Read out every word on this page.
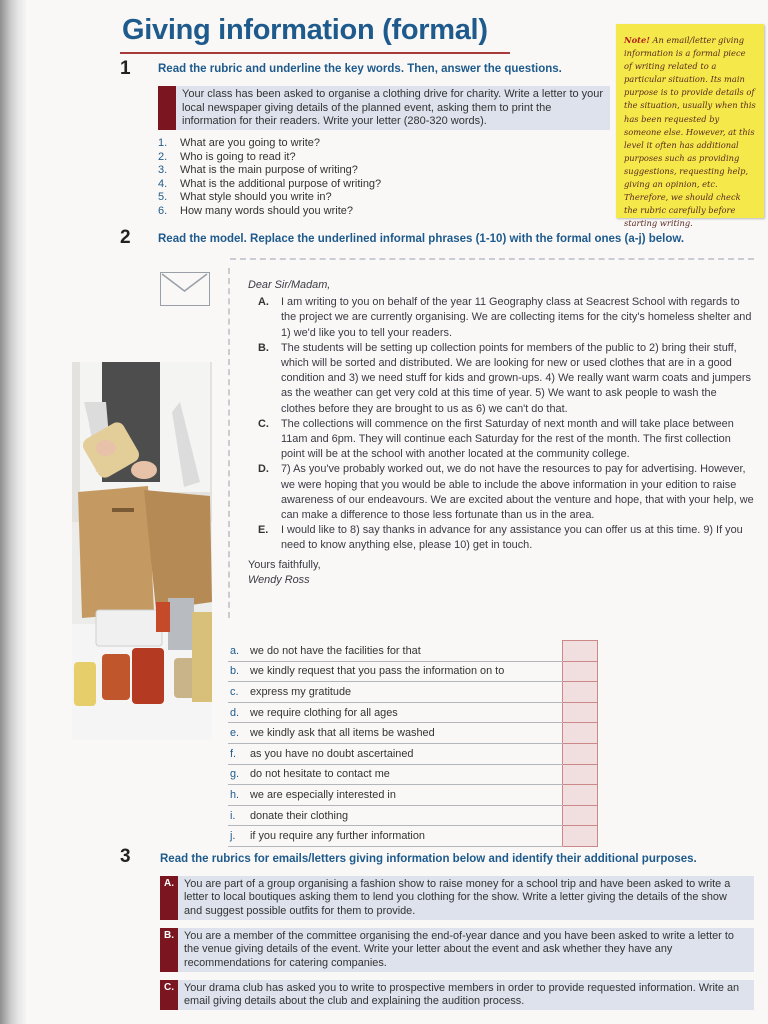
Giving information (formal)
1 Read the rubric and underline the key words. Then, answer the questions.
Your class has been asked to organise a clothing drive for charity. Write a letter to your local newspaper giving details of the planned event, asking them to print the information for their readers. Write your letter (280-320 words).
1.	What are you going to write?
2.	Who is going to read it?
3.	What is the main purpose of writing?
4.	What is the additional purpose of writing?
5.	What style should you write in?
6.	How many words should you write?
Note! An email/letter giving information is a formal piece of writing related to a particular situation. Its main purpose is to provide details of the situation, usually when this has been requested by someone else. However, at this level it often has additional purposes such as providing suggestions, requesting help, giving an opinion, etc. Therefore, we should check the rubric carefully before starting writing.
2 Read the model. Replace the underlined informal phrases (1-10) with the formal ones (a-j) below.
Dear Sir/Madam,
A.	I am writing to you on behalf of the year 11 Geography class at Seacrest School with regards to the project we are currently organising. We are collecting items for the city's homeless shelter and 1) we'd like you to tell your readers.
B.	The students will be setting up collection points for members of the public to 2) bring their stuff, which will be sorted and distributed. We are looking for new or used clothes that are in a good condition and 3) we need stuff for kids and grown-ups. 4) We really want warm coats and jumpers as the weather can get very cold at this time of year. 5) We want to ask people to wash the clothes before they are brought to us as 6) we can't do that.
C.	The collections will commence on the first Saturday of next month and will take place between 11am and 6pm. They will continue each Saturday for the rest of the month. The first collection point will be at the school with another located at the community college.
D.	7) As you've probably worked out, we do not have the resources to pay for advertising. However, we were hoping that you would be able to include the above information in your edition to raise awareness of our endeavours. We are excited about the venture and hope, that with your help, we can make a difference to those less fortunate than us in the area.
E.	I would like to 8) say thanks in advance for any assistance you can offer us at this time. 9) If you need to know anything else, please 10) get in touch.
Yours faithfully,
Wendy Ross
a.	we do not have the facilities for that	
b.	we kindly request that you pass the information on to	
c.	express my gratitude	
d.	we require clothing for all ages	
e.	we kindly ask that all items be washed	
f.	as you have no doubt ascertained	
g.	do not hesitate to contact me	
h.	we are especially interested in	
i.	donate their clothing	
j.	if you require any further information	
3	Read the rubrics for emails/letters giving information below and identify their additional purposes.
A. You are part of a group organising a fashion show to raise money for a school trip and have been asked to write a letter to local boutiques asking them to lend you clothing for the show. Write a letter giving the details of the show and suggest possible outfits for them to provide.
B. You are a member of the committee organising the end-of-year dance and you have been asked to write a letter to the venue giving details of the event. Write your letter about the event and ask whether they have any recommendations for catering companies.
C. Your drama club has asked you to write to prospective members in order to provide requested information. Write an email giving details about the club and explaining the audition process.
